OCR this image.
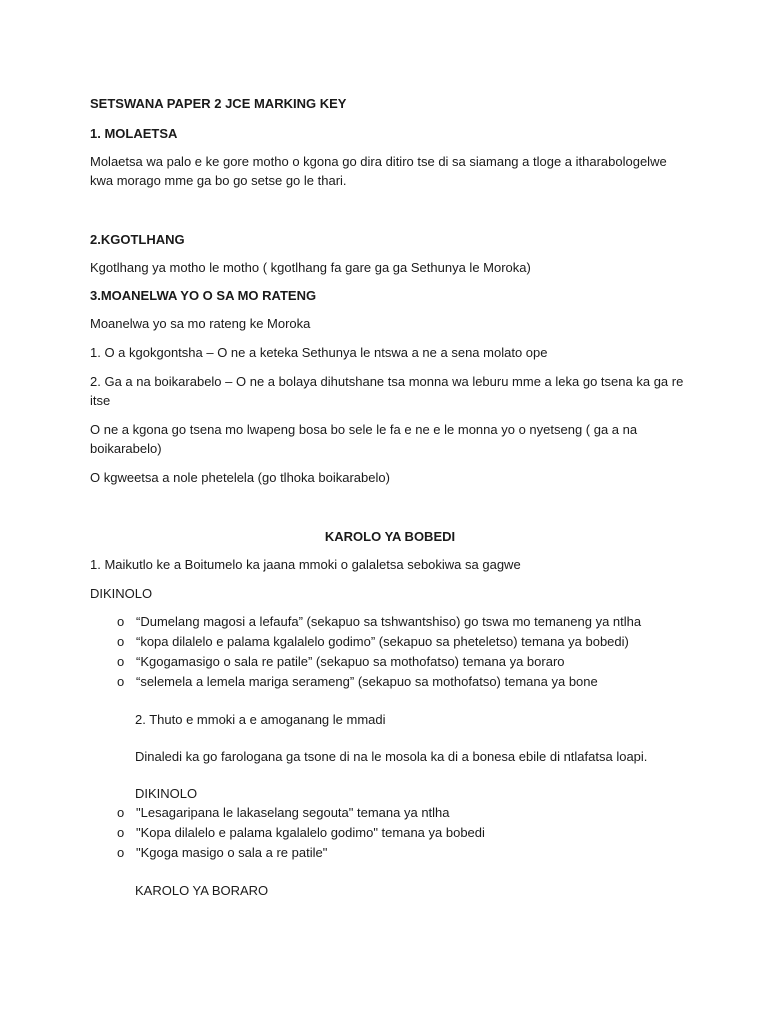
SETSWANA PAPER 2 JCE MARKING KEY

1. MOLAETSA

Molaetsa wa palo e ke gore motho o kgona go dira ditiro tse di sa siamang a tloge a itharabologelwe kwa morago mme ga bo go setse go le thari.

2.KGOTLHANG

Kgotlhang ya motho le motho ( kgotlhang fa gare ga ga Sethunya le Moroka)

3.MOANELWA YO O SA MO RATENG

Moanelwa yo sa mo rateng ke Moroka

1. O a kgokgontsha – O ne a keteka Sethunya le ntswa a ne a sena molato ope

2. Ga a na boikarabelo – O ne a bolaya dihutshane tsa monna wa leburu mme a leka go tsena ka ga re itse

O ne a kgona go tsena mo lwapeng bosa bo sele le fa e ne e le monna yo o nyetseng ( ga a na boikarabelo)

O kgweetsa a nole phetelela (go tlhoka boikarabelo)

KAROLO YA BOBEDI

1. Maikutlo ke a Boitumelo ka jaana mmoki o galaletsa sebokiwa sa gagwe

DIKINOLO

o “Dumelang magosi a lefaufa” (sekapuo sa tshwantshiso) go tswa mo temaneng ya ntlha
o “kopa dilalelo e palama kgalalelo godimo” (sekapuo sa pheteletso) temana ya bobedi)
o “Kgogamasigo o sala re patile” (sekapuo sa mothofatso) temana ya boraro
o “selemela a lemela mariga serameng” (sekapuo sa mothofatso) temana ya bone

2. Thuto e mmoki a e amoganang le mmadi

Dinaledi ka go farologana ga tsone di na le mosola ka di a bonesa ebile di ntlafatsa loapi.

DIKINOLO

o "Lesagaripana le lakaselang segouta" temana ya ntlha
o "Kopa dilalelo e palama kgalalelo godimo" temana ya bobedi
o "Kgoga masigo o sala a re patile"

KAROLO YA BORARO
